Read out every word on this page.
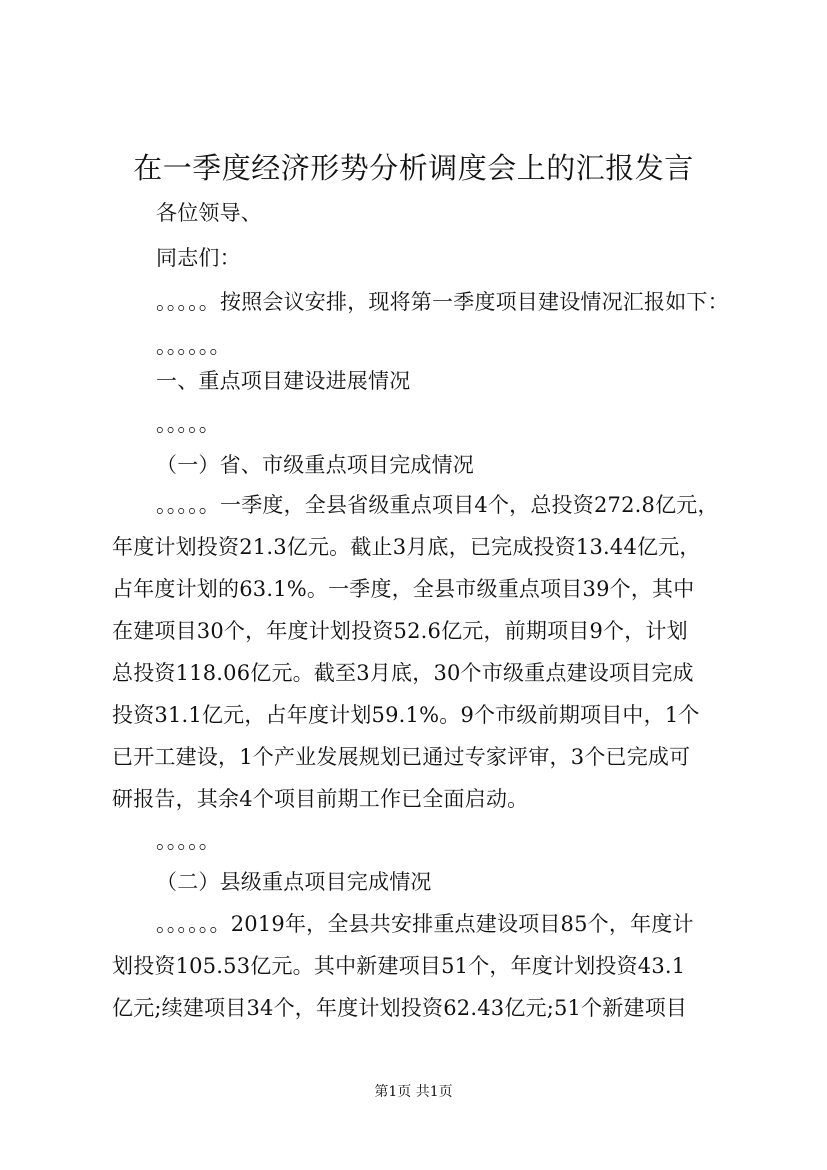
在一季度经济形势分析调度会上的汇报发言
各位领导、
同志们：
。。。。。按照会议安排，现将第一季度项目建设情况汇报如下：
。。。。。。
一、重点项目建设进展情况
。。。。。
（一）省、市级重点项目完成情况
。。。。。一季度，全县省级重点项目4个，总投资272.8亿元，
年度计划投资21.3亿元。截止3月底，已完成投资13.44亿元，
占年度计划的63.1%。一季度，全县市级重点项目39个，其中
在建项目30个，年度计划投资52.6亿元，前期项目9个，计划
总投资118.06亿元。截至3月底，30个市级重点建设项目完成
投资31.1亿元，占年度计划59.1%。9个市级前期项目中，1个
已开工建设，1个产业发展规划已通过专家评审，3个已完成可
研报告，其余4个项目前期工作已全面启动。
。。。。。
（二）县级重点项目完成情况
。。。。。。2019年，全县共安排重点建设项目85个，年度计
划投资105.53亿元。其中新建项目51个，年度计划投资43.1
亿元;续建项目34个，年度计划投资62.43亿元;51个新建项目
第1页 共1页
